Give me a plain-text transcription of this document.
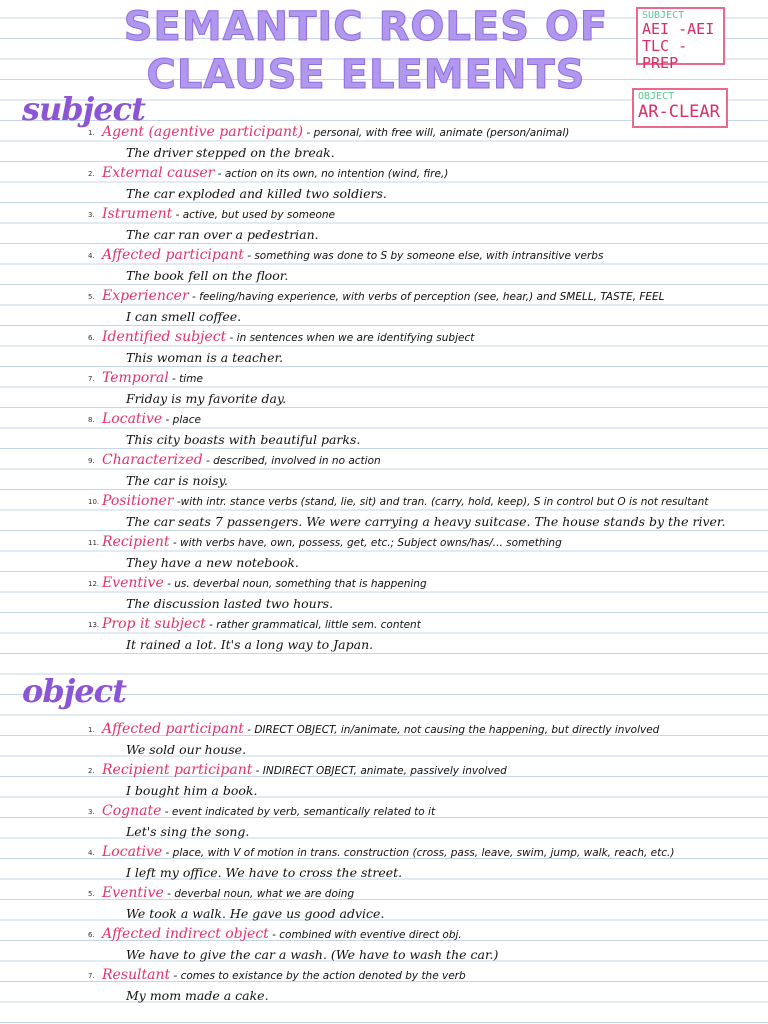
SEMANTIC ROLES OF
CLAUSE ELEMENTS
SUBJECT
AEI -AEI
TLC - PREP
OBJECT
AR-CLEAR
subject
object
1. Agent (agentive participant) - personal, with free will, animate (person/animal)
The driver stepped on the break.
2. External causer - action on its own, no intention (wind, fire,)
The car exploded and killed two soldiers.
3. Istrument - active, but used by someone
The car ran over a pedestrian.
4. Affected participant - something was done to S by someone else, with intransitive verbs
The book fell on the floor.
5. Experiencer - feeling/having experience, with verbs of perception (see, hear,) and SMELL, TASTE, FEEL
I can smell coffee.
6. Identified subject - in sentences when we are identifying subject
This woman is a teacher.
7. Temporal - time
Friday is my favorite day.
8. Locative - place
This city boasts with beautiful parks.
9. Characterized - described, involved in no action
The car is noisy.
10. Positioner -with intr. stance verbs (stand, lie, sit) and tran. (carry, hold, keep), S in control but O is not resultant
The car seats 7 passengers. We were carrying a heavy suitcase. The house stands by the river.
11. Recipient - with verbs have, own, possess, get, etc.; Subject owns/has/... something
They have a new notebook.
12. Eventive - us. deverbal noun, something that is happening
The discussion lasted two hours.
13. Prop it subject - rather grammatical, little sem. content
It rained a lot. It's a long way to Japan.
1. Affected participant - DIRECT OBJECT, in/animate, not causing the happening, but directly involved
We sold our house.
2. Recipient participant - INDIRECT OBJECT, animate, passively involved
I bought him a book.
3. Cognate - event indicated by verb, semantically related to it
Let's sing the song.
4. Locative - place, with V of motion in trans. construction (cross, pass, leave, swim, jump, walk, reach, etc.)
I left my office. We have to cross the street.
5. Eventive - deverbal noun, what we are doing
We took a walk. He gave us good advice.
6. Affected indirect object - combined with eventive direct obj.
We have to give the car a wash. (We have to wash the car.)
7. Resultant - comes to existance by the action denoted by the verb
My mom made a cake.
